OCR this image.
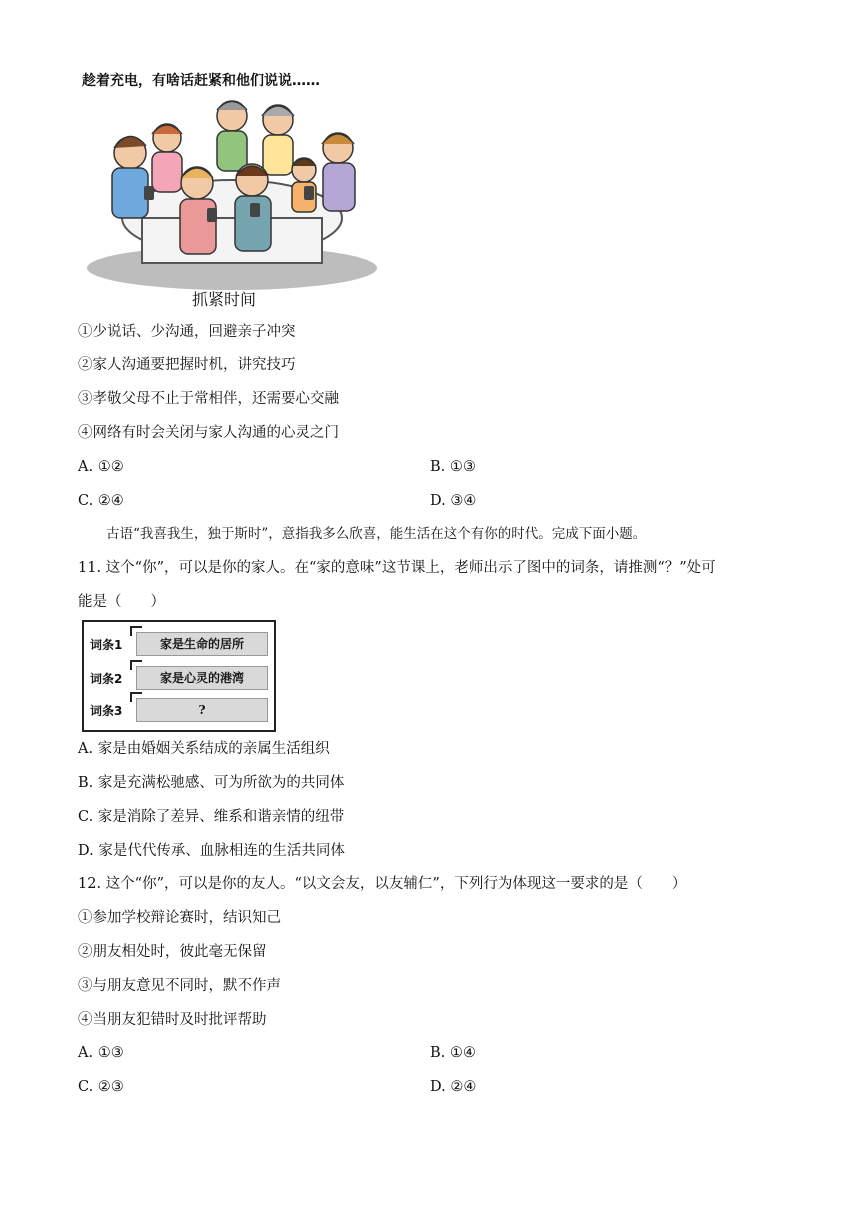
趁着充电，有啥话赶紧和他们说说……
抓紧时间
①少说话、少沟通，回避亲子冲突
②家人沟通要把握时机，讲究技巧
③孝敬父母不止于常相伴，还需要心交融
④网络有时会关闭与家人沟通的心灵之门
A. ①②	B. ①③
C. ②④	D. ③④
古语“我喜我生，独于斯时”，意指我多么欣喜，能生活在这个有你的时代。完成下面小题。
11. 这个“你”，可以是你的家人。在“家的意味”这节课上，老师出示了图中的词条，请推测“？”处可
能是（　　）
词条1	家是生命的居所
词条2	家是心灵的港湾
词条3	?
A. 家是由婚姻关系结成的亲属生活组织
B. 家是充满松驰感、可为所欲为的共同体
C. 家是消除了差异、维系和谐亲情的纽带
D. 家是代代传承、血脉相连的生活共同体
12. 这个“你”，可以是你的友人。“以文会友，以友辅仁”，下列行为体现这一要求的是（　　）
①参加学校辩论赛时，结识知己
②朋友相处时，彼此毫无保留
③与朋友意见不同时，默不作声
④当朋友犯错时及时批评帮助
A. ①③	B. ①④
C. ②③	D. ②④
